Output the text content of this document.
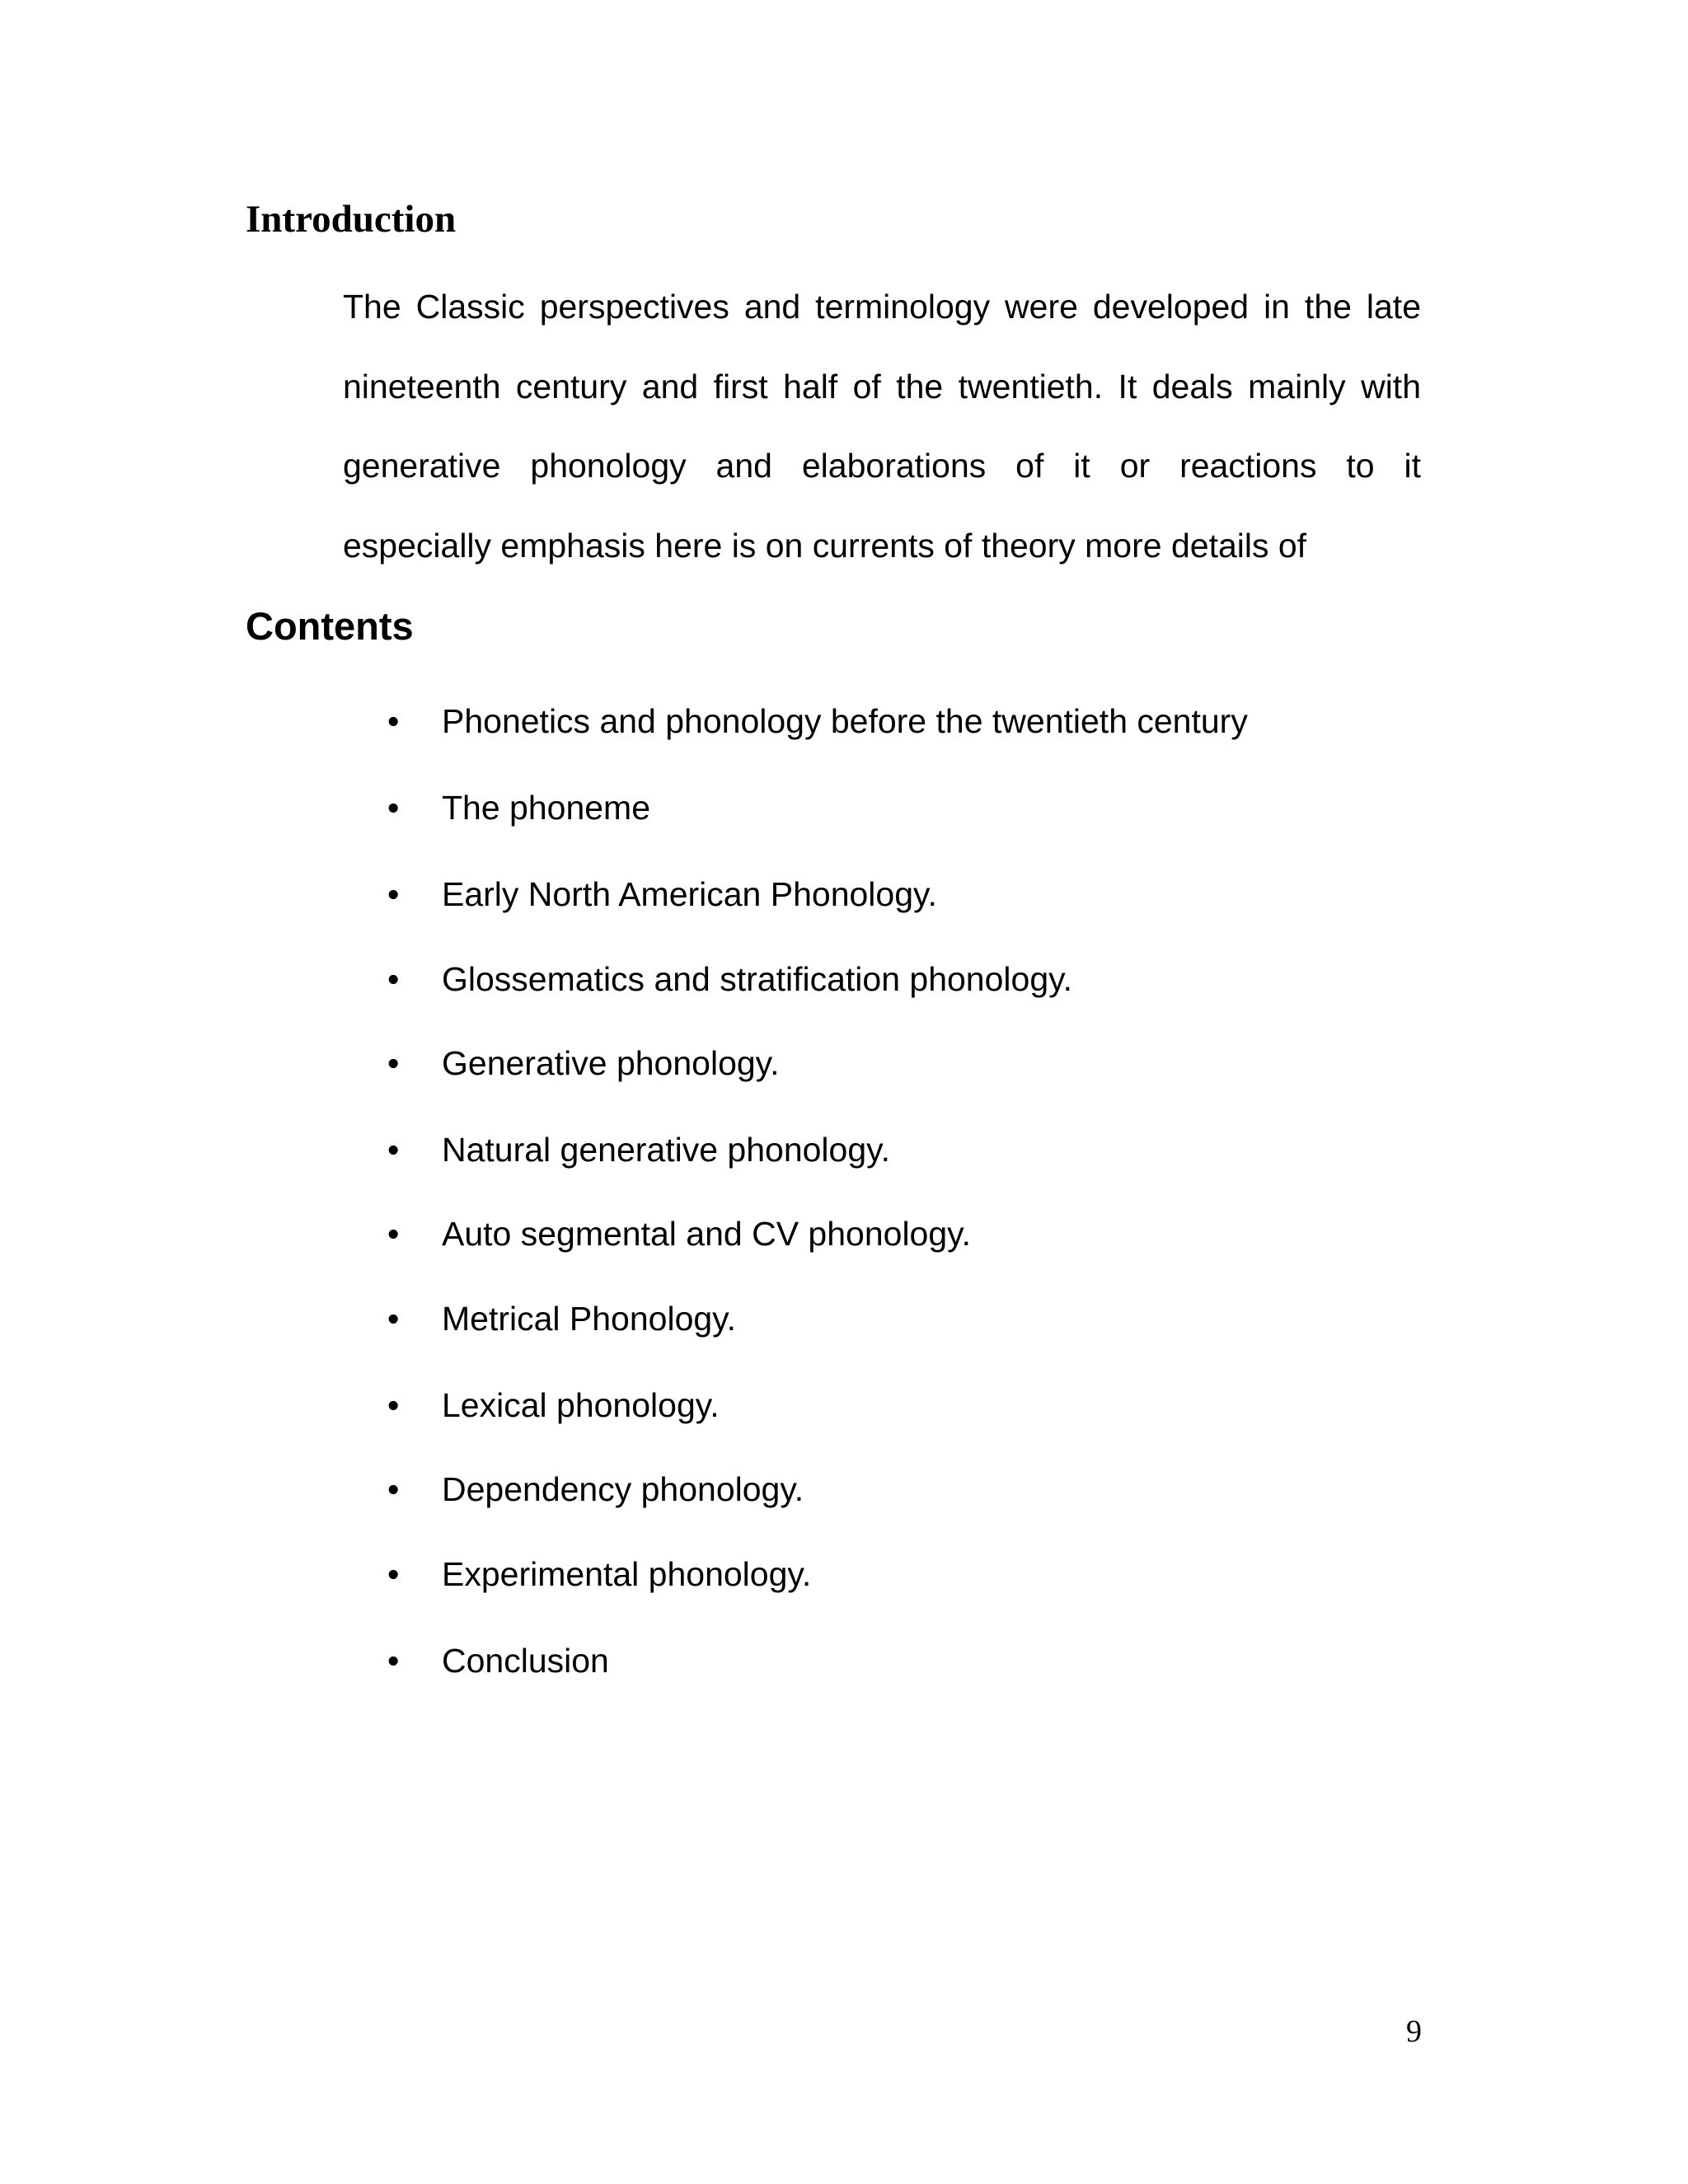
Introduction

The Classic perspectives and terminology were developed in the late
nineteenth century and first half of the twentieth. It deals mainly with
generative phonology and elaborations of it or reactions to it
especially emphasis here is on currents of theory more details of

Contents
•	Phonetics and phonology before the twentieth century
•	The phoneme
•	Early North American Phonology.
•	Glossematics and stratification phonology.
•	Generative phonology.
•	Natural generative phonology.
•	Auto segmental and CV phonology.
•	Metrical Phonology.
•	Lexical phonology.
•	Dependency phonology.
•	Experimental phonology.
•	Conclusion
9
